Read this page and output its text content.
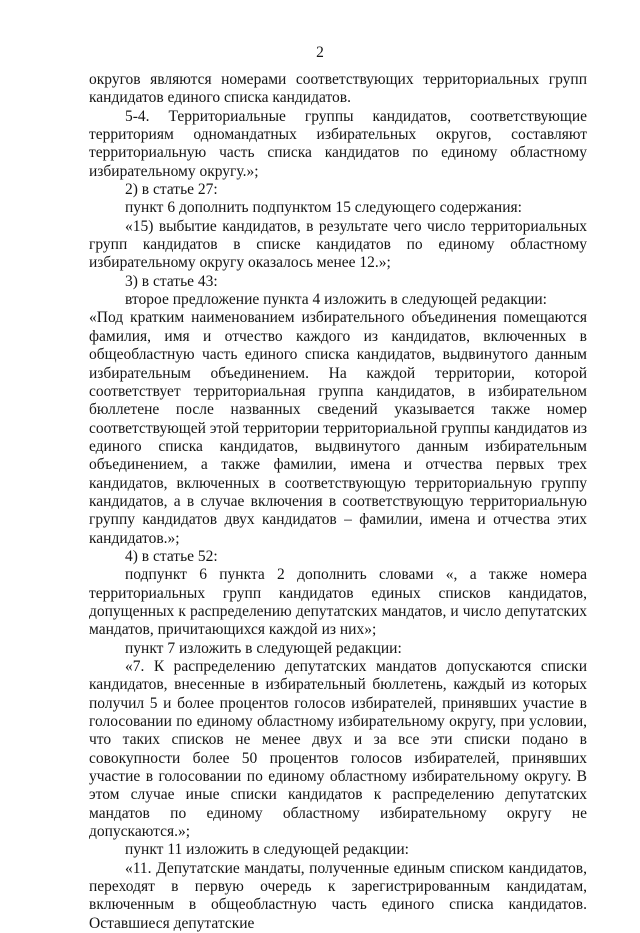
2

округов являются номерами соответствующих территориальных групп кандидатов единого списка кандидатов.

5-4. Территориальные группы кандидатов, соответствующие территориям одномандатных избирательных округов, составляют территориальную часть списка кандидатов по единому областному избирательному округу.»;

2) в статье 27:

пункт 6 дополнить подпунктом 15 следующего содержания:

«15) выбытие кандидатов, в результате чего число территориальных групп кандидатов в списке кандидатов по единому областному избирательному округу оказалось менее 12.»;

3) в статье 43:

второе предложение пункта 4 изложить в следующей редакции:

«Под кратким наименованием избирательного объединения помещаются фамилия, имя и отчество каждого из кандидатов, включенных в общеобластную часть единого списка кандидатов, выдвинутого данным избирательным объединением. На каждой территории, которой соответствует территориальная группа кандидатов, в избирательном бюллетене после названных сведений указывается также номер соответствующей этой территории территориальной группы кандидатов из единого списка кандидатов, выдвинутого данным избирательным объединением, а также фамилии, имена и отчества первых трех кандидатов, включенных в соответствующую территориальную группу кандидатов, а в случае включения в соответствующую территориальную группу кандидатов двух кандидатов – фамилии, имена и отчества этих кандидатов.»;

4) в статье 52:

подпункт 6 пункта 2 дополнить словами «, а также номера территориальных групп кандидатов единых списков кандидатов, допущенных к распределению депутатских мандатов, и число депутатских мандатов, причитающихся каждой из них»;

пункт 7 изложить в следующей редакции:

«7. К распределению депутатских мандатов допускаются списки кандидатов, внесенные в избирательный бюллетень, каждый из которых получил 5 и более процентов голосов избирателей, принявших участие в голосовании по единому областному избирательному округу, при условии, что таких списков не менее двух и за все эти списки подано в совокупности более 50 процентов голосов избирателей, принявших участие в голосовании по единому областному избирательному округу. В этом случае иные списки кандидатов к распределению депутатских мандатов по единому областному избирательному округу не допускаются.»;

пункт 11 изложить в следующей редакции:

«11. Депутатские мандаты, полученные единым списком кандидатов, переходят в первую очередь к зарегистрированным кандидатам, включенным в общеобластную часть единого списка кандидатов. Оставшиеся депутатские
